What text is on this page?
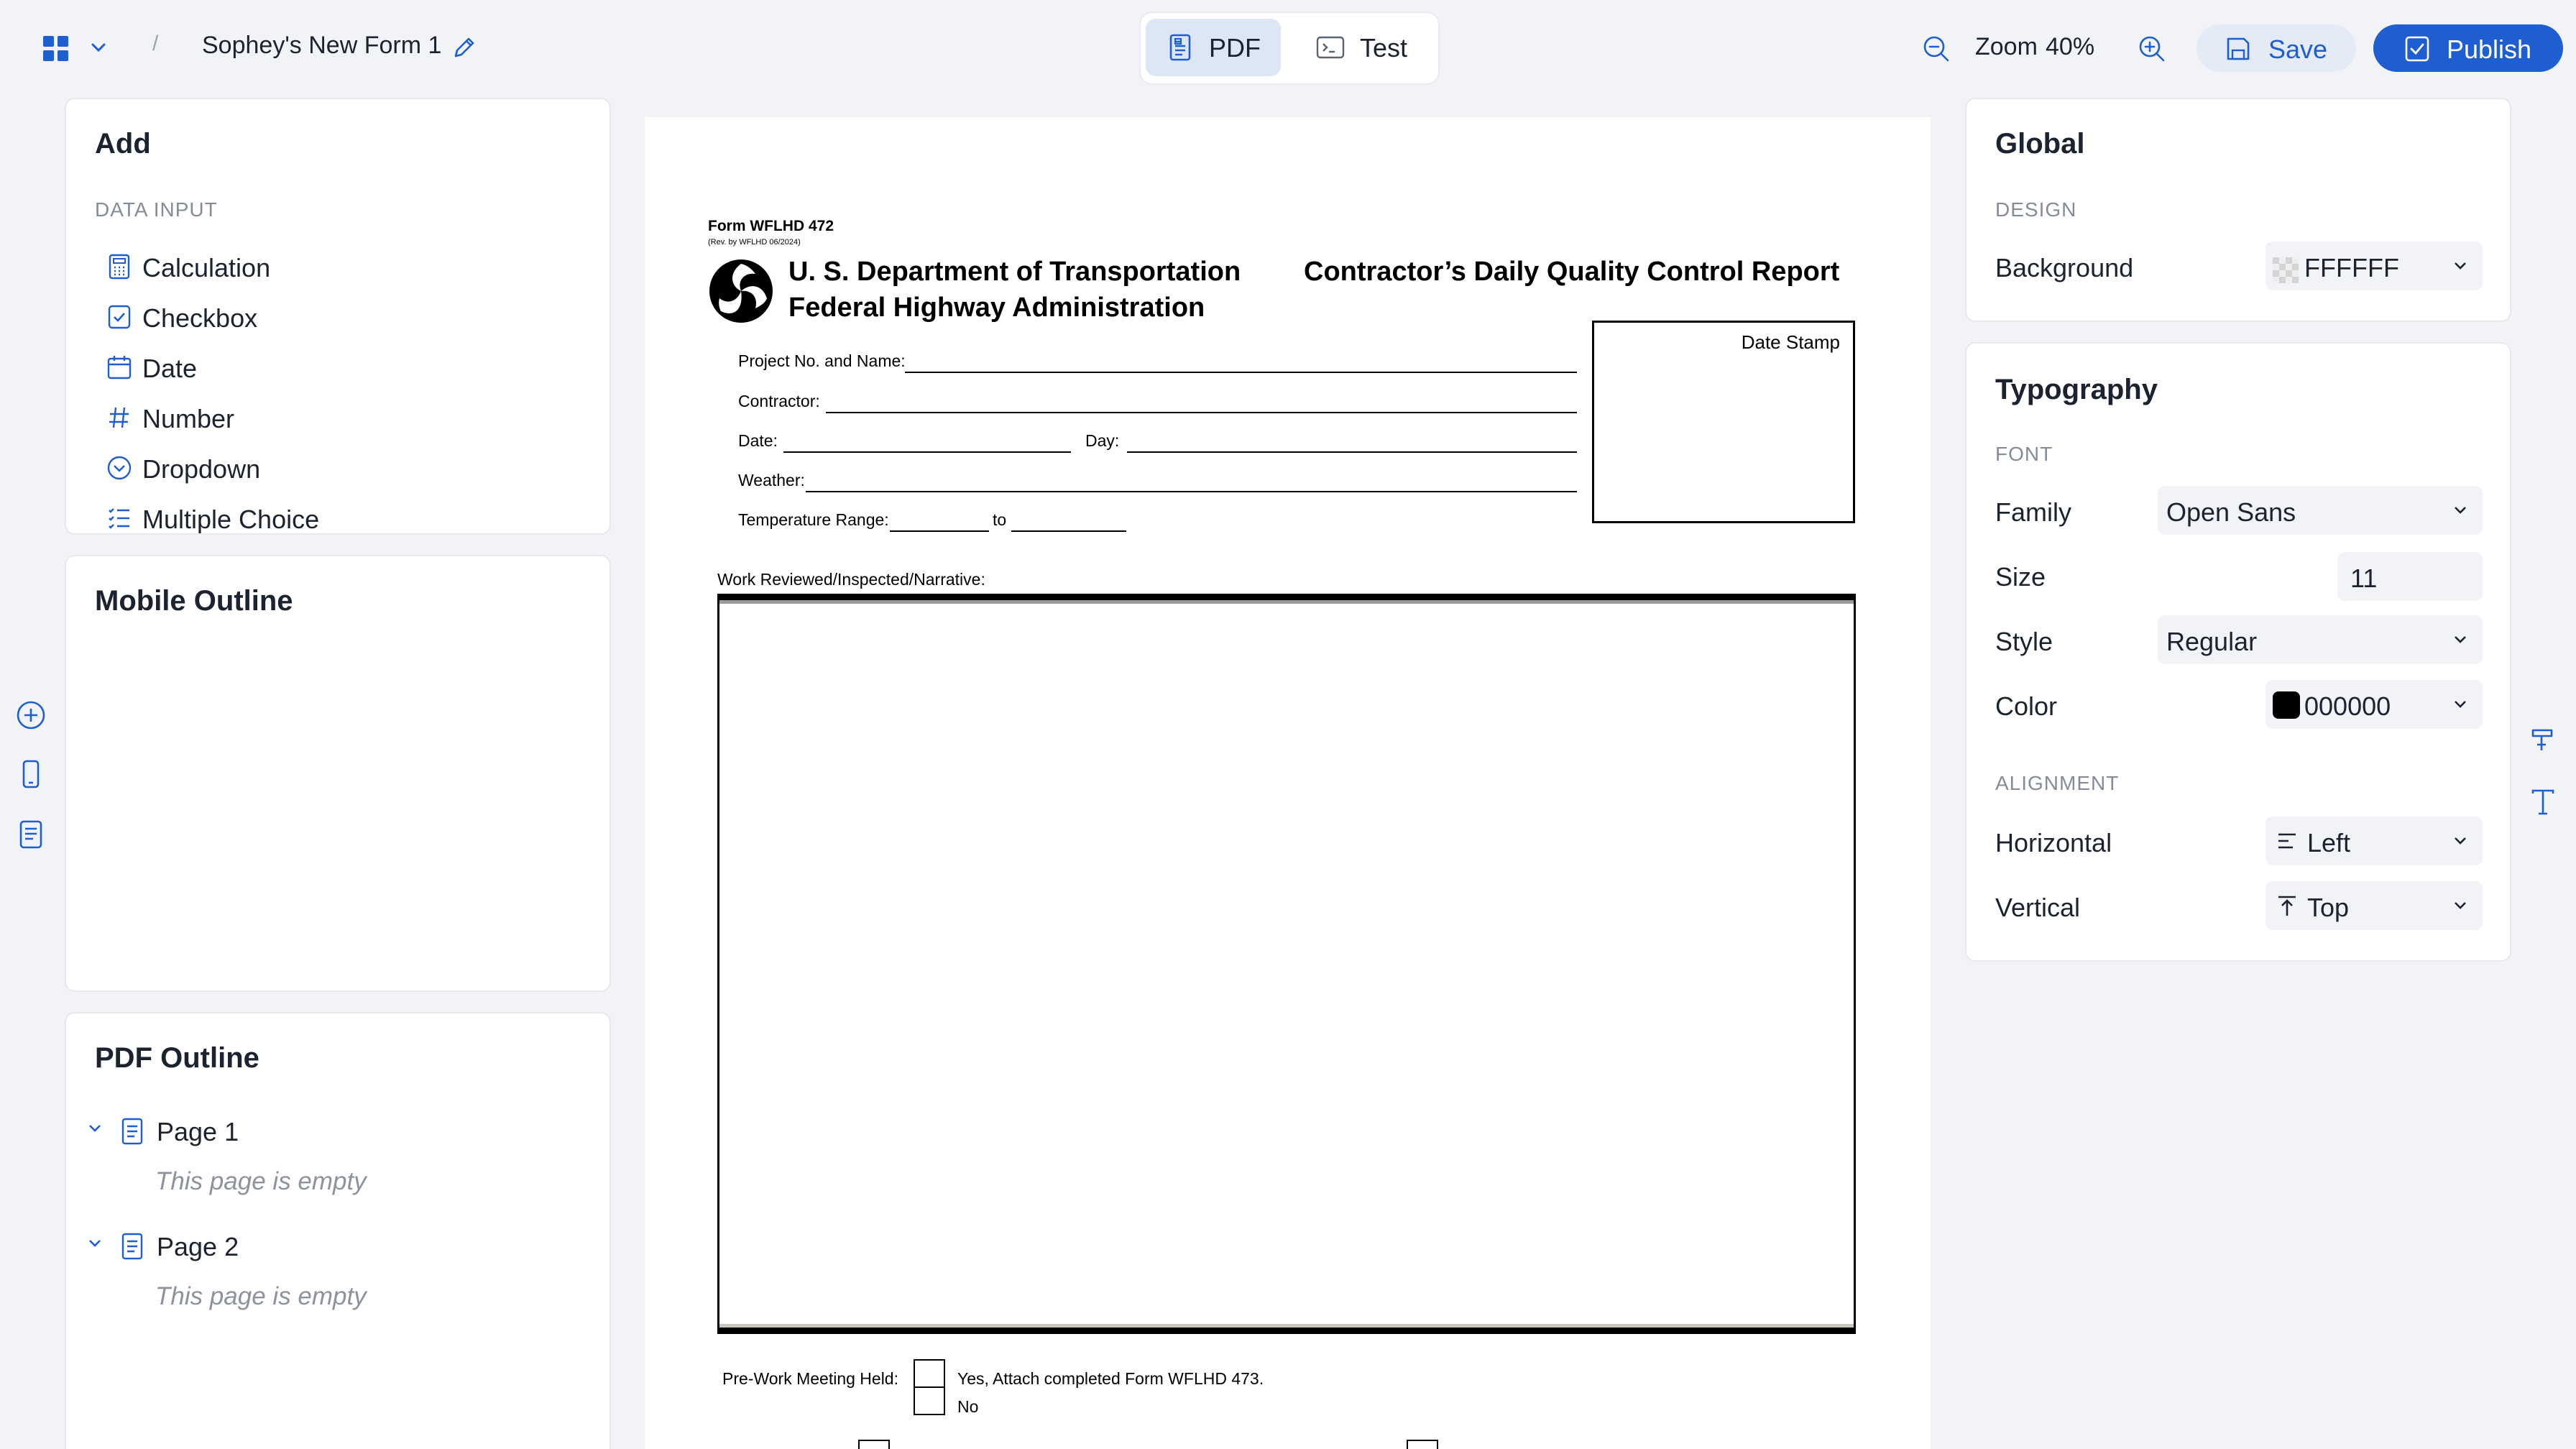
/ Sophey's New Form 1	PDF	Test	Zoom 40%	Save	Publish
Add
DATA INPUT
Calculation
Checkbox
Date
Number
Dropdown
Multiple Choice
Mobile Outline
PDF Outline
Page 1
This page is empty
Page 2
This page is empty
Form WFLHD 472
(Rev. by WFLHD 06/2024)
U. S. Department of Transportation
Federal Highway Administration
Contractor’s Daily Quality Control Report
Date Stamp
Project No. and Name:
Contractor:
Date:	Day:
Weather:
Temperature Range:	to
Work Reviewed/Inspected/Narrative:
Pre-Work Meeting Held:	Yes, Attach completed Form WFLHD 473.
No
Global
DESIGN
Background	FFFFFF
Typography
FONT
Family	Open Sans
Size	11
Style	Regular
Color	000000
ALIGNMENT
Horizontal	Left
Vertical	Top
